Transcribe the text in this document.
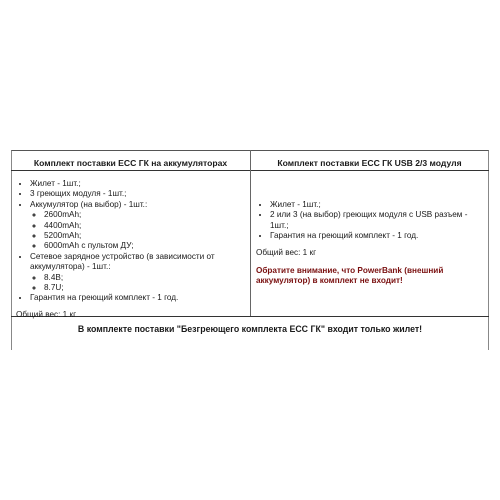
Комплект поставки ЕСС ГК на аккумуляторах	Комплект поставки ЕСС ГК USB 2/3 модуля
• Жилет - 1шт.;
• 3 греющих модуля - 1шт.;
• Аккумулятор (на выбор) - 1шт.:
◦ 2600mAh;
◦ 4400mAh;
◦ 5200mAh;
◦ 6000mAh с пультом ДУ;
• Сетевое зарядное устройство (в зависимости от аккумулятора) - 1шт.:
◦ 8.4В;
◦ 8.7U;
• Гарантия на греющий комплект - 1 год.

Общий вес: 1 кг

• Жилет - 1шт.;
• 2 или 3 (на выбор) греющих модуля с USB разъем - 1шт.;
• Гарантия на греющий комплект - 1 год.

Общий вес: 1 кг

Обратите внимание, что PowerBank (внешний аккумулятор) в комплект не входит!

В комплекте поставки "Безгреющего комплекта ЕСС ГК" входит только жилет!
